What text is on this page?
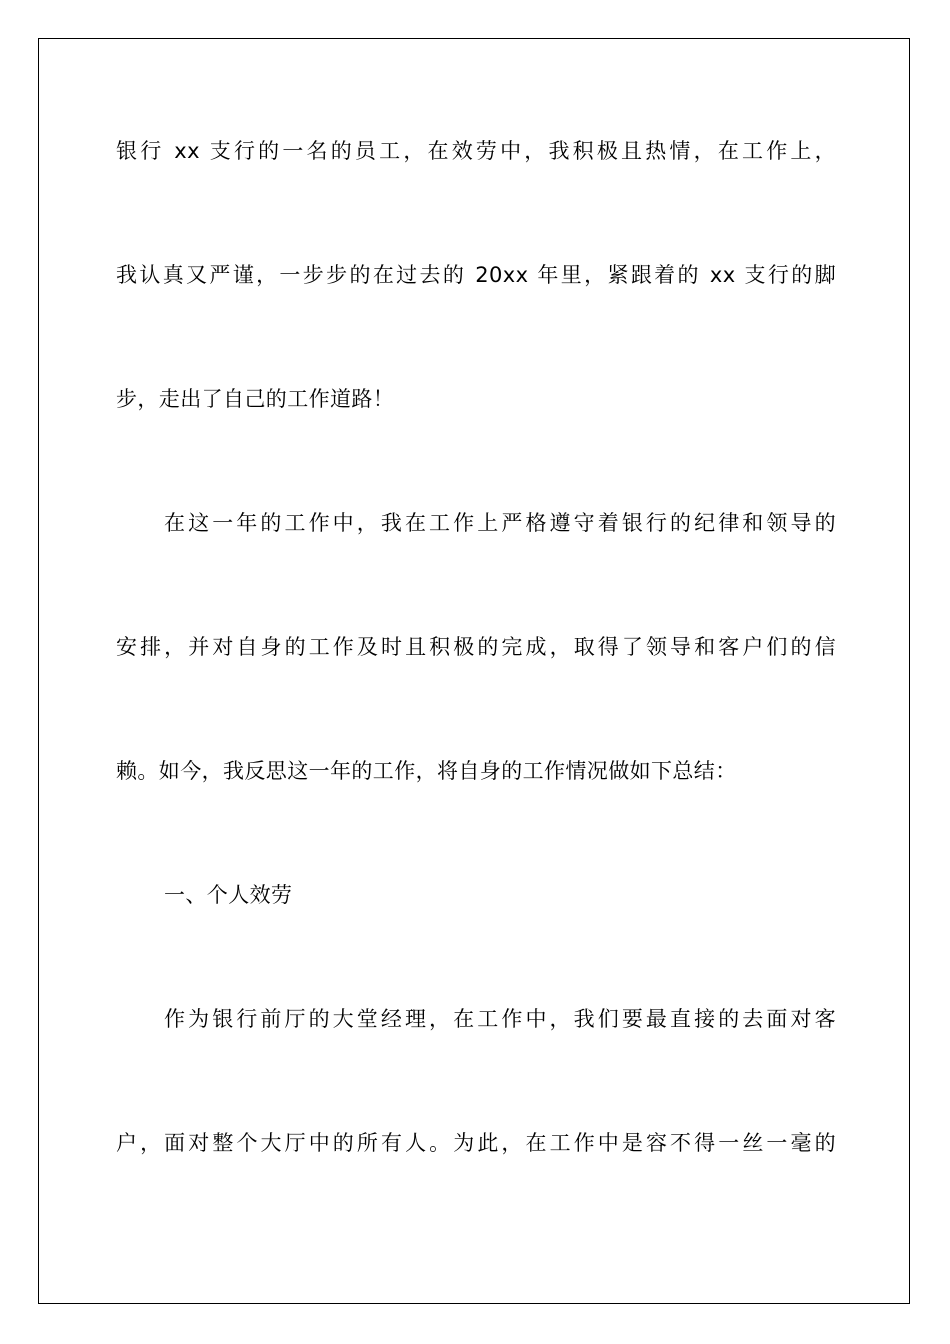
银行 xx 支行的一名的员工，在效劳中，我积极且热情，在工作上，
我认真又严谨，一步步的在过去的 20xx 年里，紧跟着的 xx 支行的脚
步，走出了自己的工作道路！
在这一年的工作中，我在工作上严格遵守着银行的纪律和领导的
安排，并对自身的工作及时且积极的完成，取得了领导和客户们的信
赖。如今，我反思这一年的工作，将自身的工作情况做如下总结：
一、个人效劳
作为银行前厅的大堂经理，在工作中，我们要最直接的去面对客
户，面对整个大厅中的所有人。为此，在工作中是容不得一丝一毫的
